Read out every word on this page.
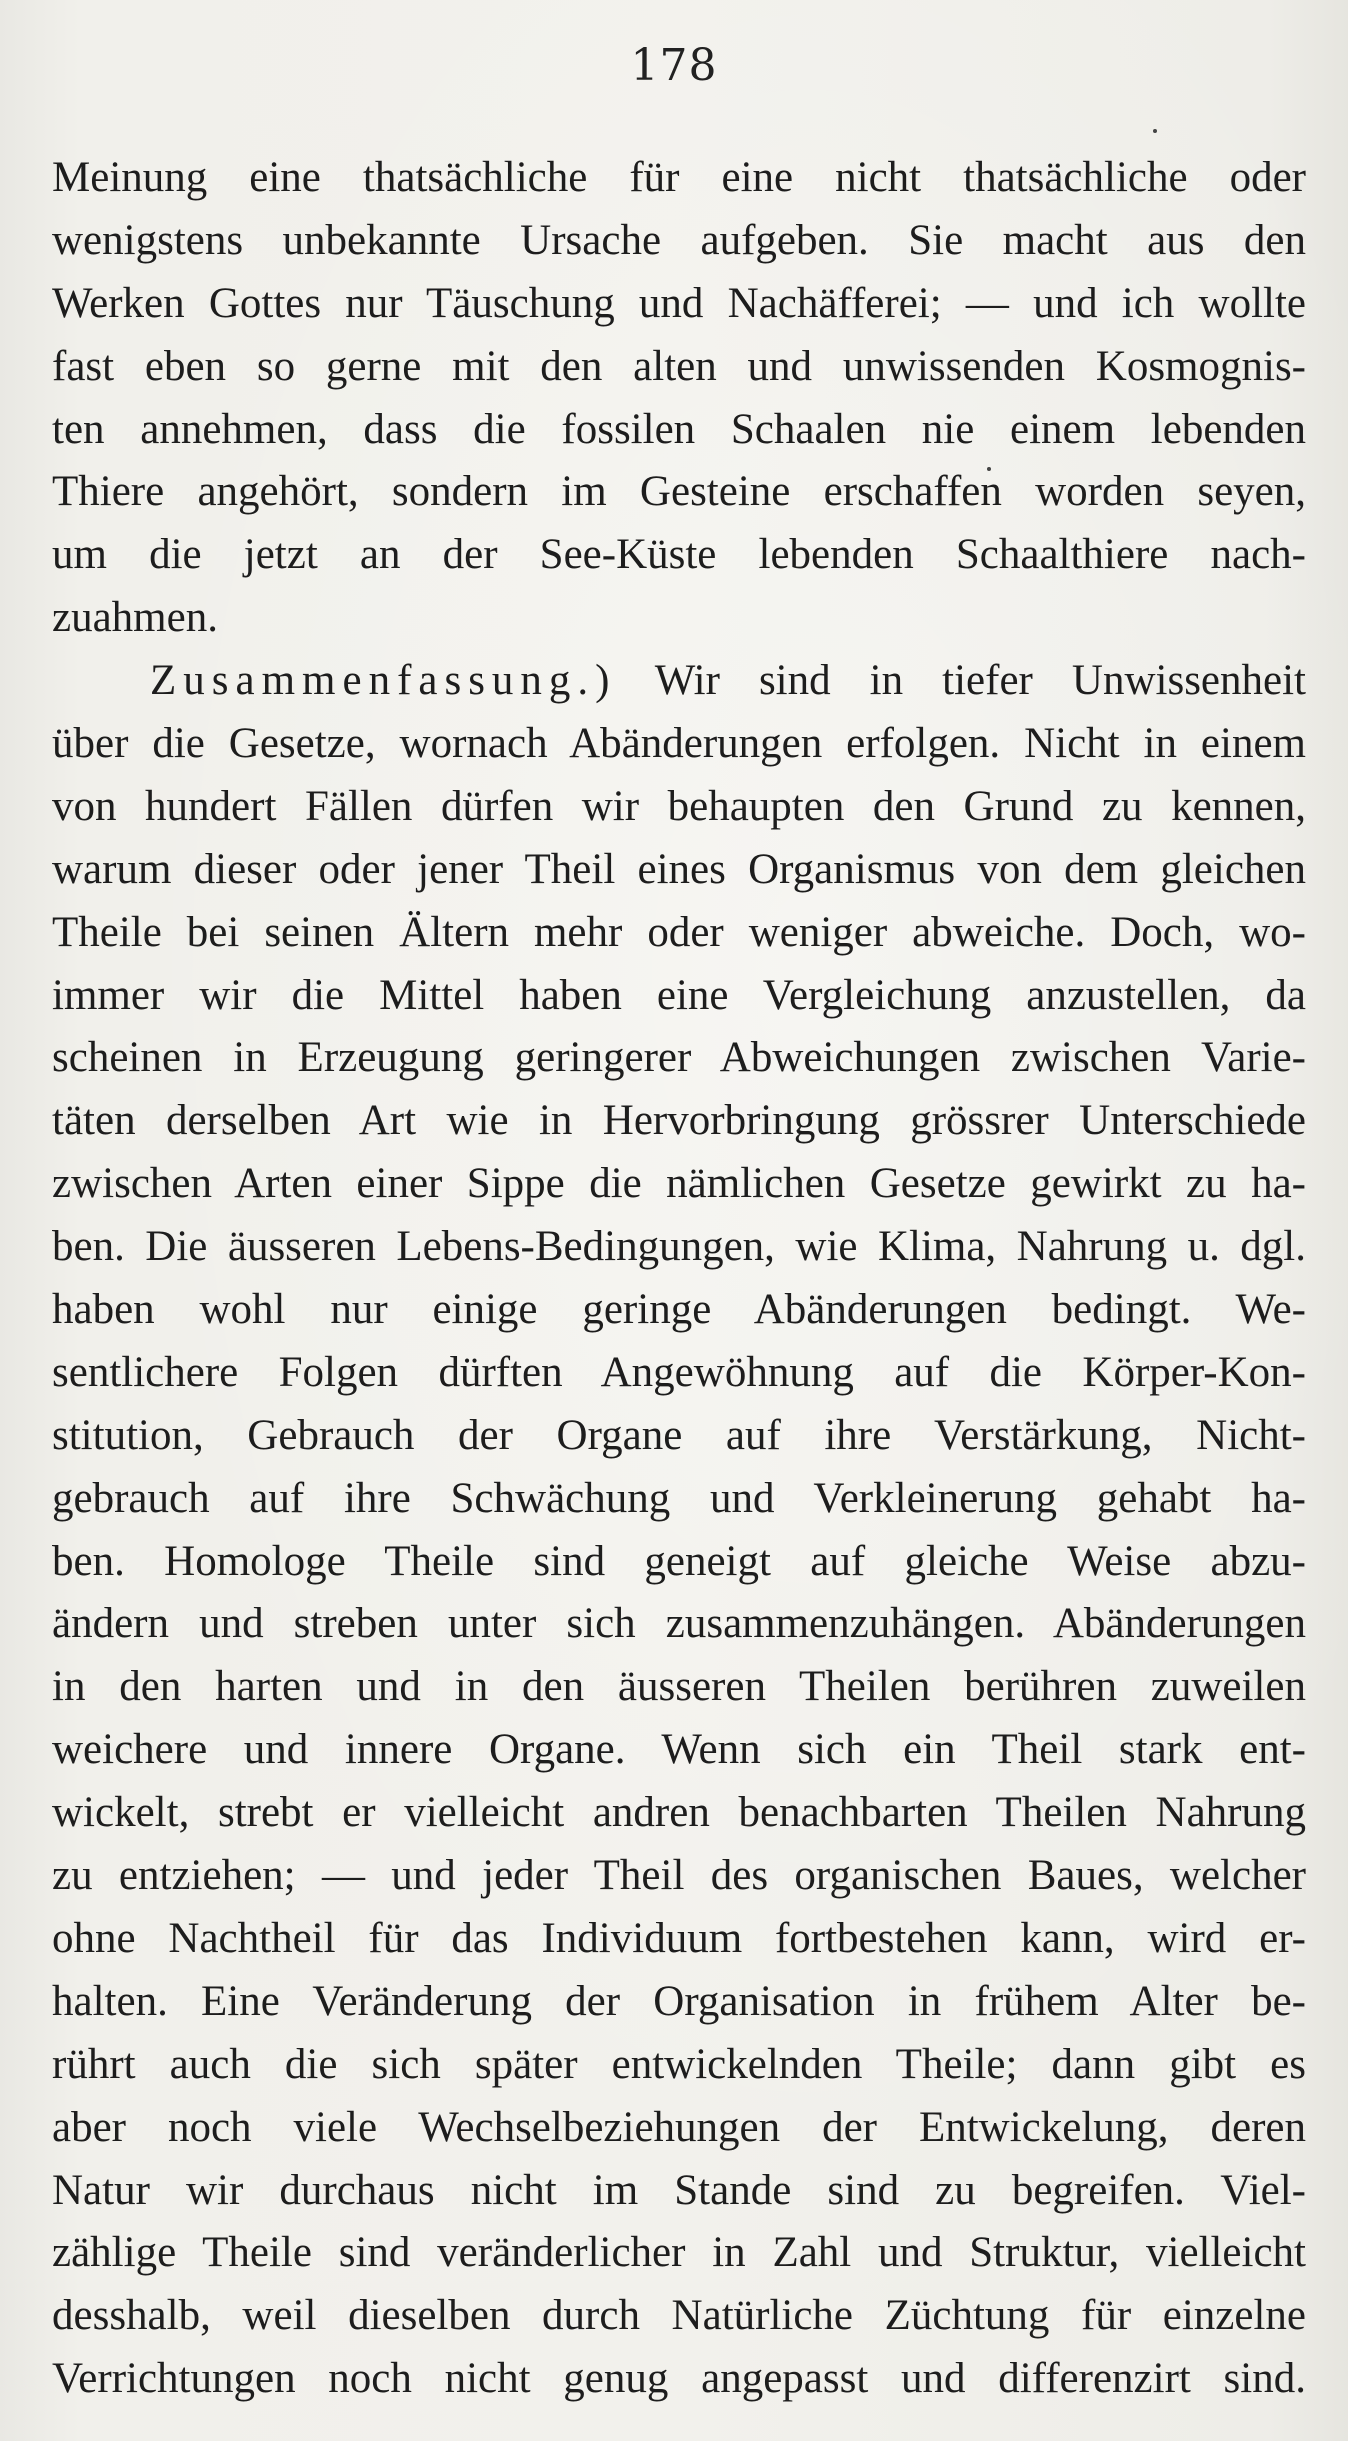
178
Meinung eine thatsächliche für eine nicht thatsächliche oder
wenigstens unbekannte Ursache aufgeben. Sie macht aus den
Werken Gottes nur Täuschung und Nachäfferei; — und ich wollte
fast eben so gerne mit den alten und unwissenden Kosmognis-
ten annehmen, dass die fossilen Schaalen nie einem lebenden
Thiere angehört, sondern im Gesteine erschaffen worden seyen,
um die jetzt an der See-Küste lebenden Schaalthiere nach-
zuahmen.
Zusammenfassung.) Wir sind in tiefer Unwissenheit
über die Gesetze, wornach Abänderungen erfolgen. Nicht in einem
von hundert Fällen dürfen wir behaupten den Grund zu kennen,
warum dieser oder jener Theil eines Organismus von dem gleichen
Theile bei seinen Ältern mehr oder weniger abweiche. Doch, wo-
immer wir die Mittel haben eine Vergleichung anzustellen, da
scheinen in Erzeugung geringerer Abweichungen zwischen Varie-
täten derselben Art wie in Hervorbringung grössrer Unterschiede
zwischen Arten einer Sippe die nämlichen Gesetze gewirkt zu ha-
ben. Die äusseren Lebens-Bedingungen, wie Klima, Nahrung u. dgl.
haben wohl nur einige geringe Abänderungen bedingt. We-
sentlichere Folgen dürften Angewöhnung auf die Körper-Kon-
stitution, Gebrauch der Organe auf ihre Verstärkung, Nicht-
gebrauch auf ihre Schwächung und Verkleinerung gehabt ha-
ben. Homologe Theile sind geneigt auf gleiche Weise abzu-
ändern und streben unter sich zusammenzuhängen. Abänderungen
in den harten und in den äusseren Theilen berühren zuweilen
weichere und innere Organe. Wenn sich ein Theil stark ent-
wickelt, strebt er vielleicht andren benachbarten Theilen Nahrung
zu entziehen; — und jeder Theil des organischen Baues, welcher
ohne Nachtheil für das Individuum fortbestehen kann, wird er-
halten. Eine Veränderung der Organisation in frühem Alter be-
rührt auch die sich später entwickelnden Theile; dann gibt es
aber noch viele Wechselbeziehungen der Entwickelung, deren
Natur wir durchaus nicht im Stande sind zu begreifen. Viel-
zählige Theile sind veränderlicher in Zahl und Struktur, vielleicht
desshalb, weil dieselben durch Natürliche Züchtung für einzelne
Verrichtungen noch nicht genug angepasst und differenzirt sind.
